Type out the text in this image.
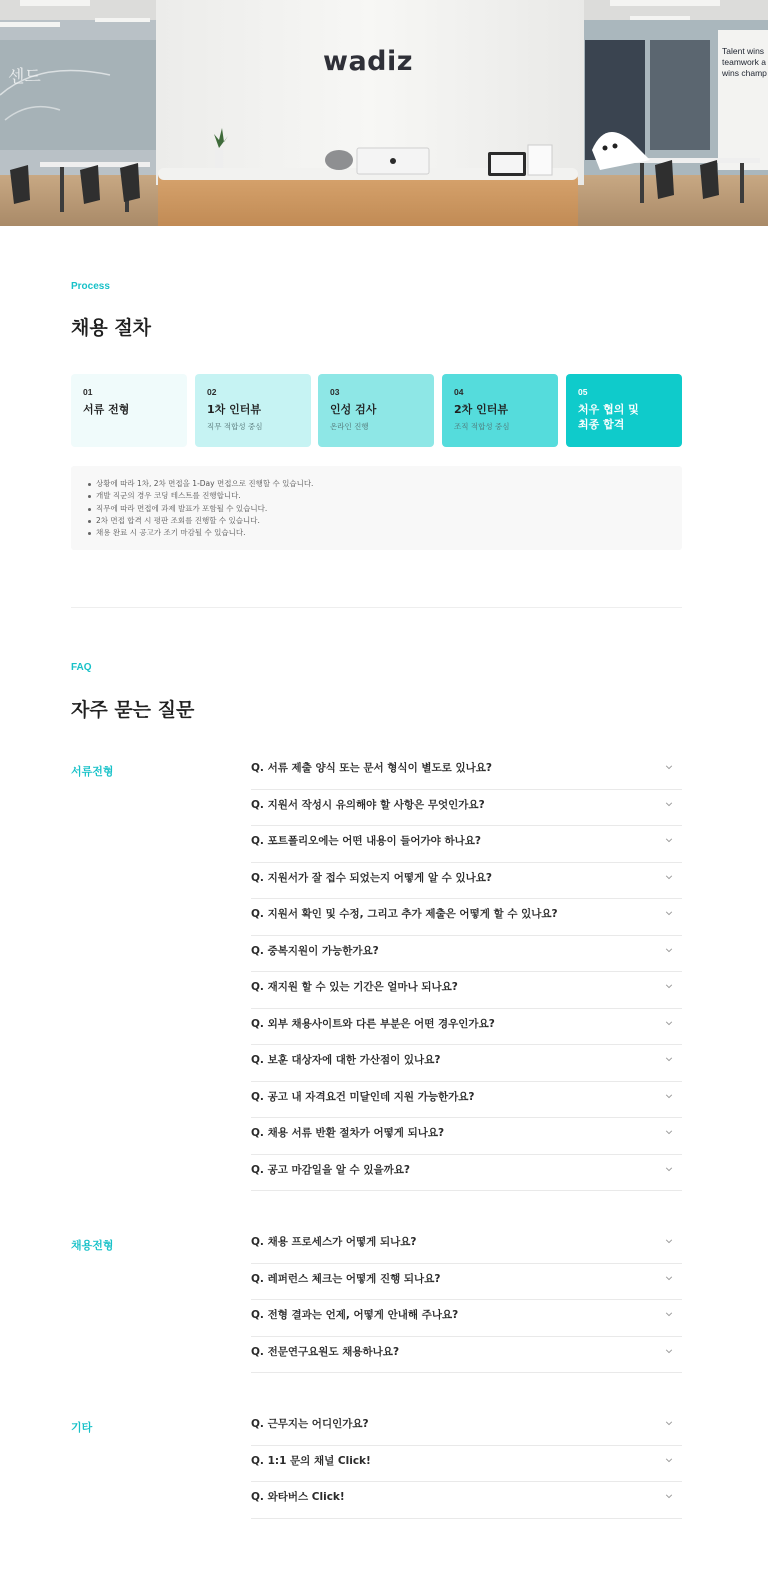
wadiz
센드
Talent wins
teamwork a
wins champ
Process
채용 절차
01
서류 전형
02
1차 인터뷰
직무 적합성 중심
03
인성 검사
온라인 진행
04
2차 인터뷰
조직 적합성 중심
05
처우 협의 및 최종 합격
상황에 따라 1차, 2차 면접을 1-Day 면접으로 진행할 수 있습니다.
개발 직군의 경우 코딩 테스트를 진행합니다.
직무에 따라 면접에 과제 발표가 포함될 수 있습니다.
2차 면접 합격 시 평판 조회를 진행할 수 있습니다.
채용 완료 시 공고가 조기 마감될 수 있습니다.
FAQ
자주 묻는 질문
서류전형	Q. 서류 제출 양식 또는 문서 형식이 별도로 있나요?
Q. 지원서 작성시 유의해야 할 사항은 무엇인가요?
Q. 포트폴리오에는 어떤 내용이 들어가야 하나요?
Q. 지원서가 잘 접수 되었는지 어떻게 알 수 있나요?
Q. 지원서 확인 및 수정, 그리고 추가 제출은 어떻게 할 수 있나요?
Q. 중복지원이 가능한가요?
Q. 재지원 할 수 있는 기간은 얼마나 되나요?
Q. 외부 채용사이트와 다른 부분은 어떤 경우인가요?
Q. 보훈 대상자에 대한 가산점이 있나요?
Q. 공고 내 자격요건 미달인데 지원 가능한가요?
Q. 채용 서류 반환 절차가 어떻게 되나요?
Q. 공고 마감일을 알 수 있을까요?
채용전형	Q. 채용 프로세스가 어떻게 되나요?
Q. 레퍼런스 체크는 어떻게 진행 되나요?
Q. 전형 결과는 언제, 어떻게 안내해 주나요?
Q. 전문연구요원도 채용하나요?
기타	Q. 근무지는 어디인가요?
Q. 1:1 문의 채널 Click!
Q. 와타버스 Click!
